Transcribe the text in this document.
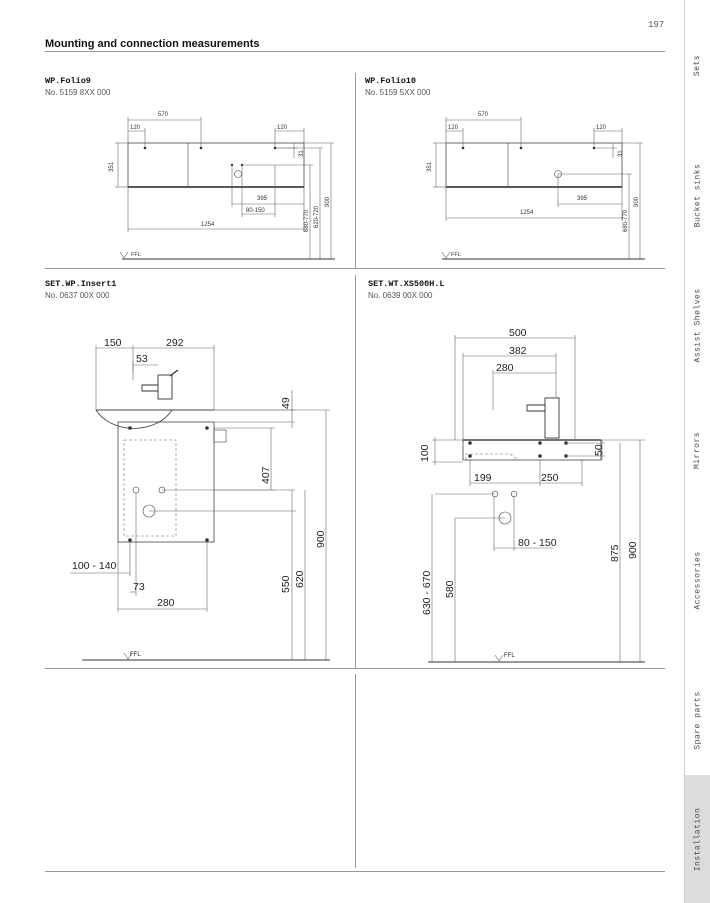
197
Mounting and connection measurements
Sets
Bucket sinks
Assist Shelves
Mirrors
Accessories
Spare parts
Installation
WP.Folio9
No. 5159 8XX 000
WP.Folio10
No. 5159 5XX 000
SET.WP.Insert1
No. 0637 00X 000
SET.WT.XS500H.L
No. 0639 00X 000
570
120	120
351
31
395
80-150
1254	680-770 620-720
900
FFL
570
120	120
351
31
395
1254	680-770
900
FFL
150	292
53
49
407
900
100 - 140
73
280
550 620
FFL
500
382
280
100	50
199	250
80 - 150
875 900
630 - 670 580
FFL
